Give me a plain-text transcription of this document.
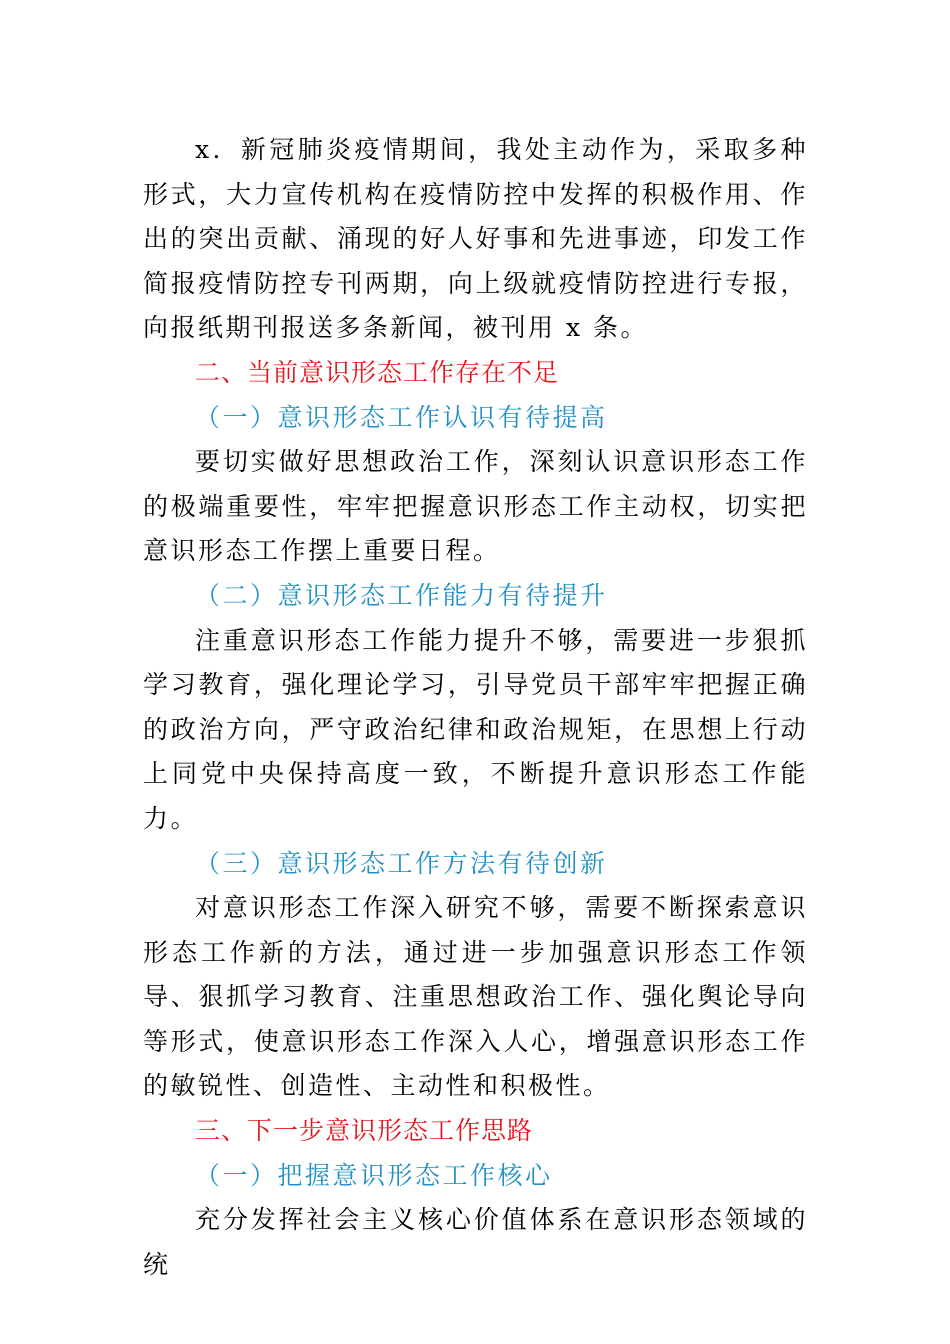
x．新冠肺炎疫情期间，我处主动作为，采取多种形式，大力宣传机构在疫情防控中发挥的积极作用、作出的突出贡献、涌现的好人好事和先进事迹，印发工作简报疫情防控专刊两期，向上级就疫情防控进行专报，向报纸期刊报送多条新闻，被刊用 x 条。

二、当前意识形态工作存在不足

（一）意识形态工作认识有待提高

要切实做好思想政治工作，深刻认识意识形态工作的极端重要性，牢牢把握意识形态工作主动权，切实把意识形态工作摆上重要日程。

（二）意识形态工作能力有待提升

注重意识形态工作能力提升不够，需要进一步狠抓学习教育，强化理论学习，引导党员干部牢牢把握正确的政治方向，严守政治纪律和政治规矩，在思想上行动上同党中央保持高度一致，不断提升意识形态工作能力。

（三）意识形态工作方法有待创新

对意识形态工作深入研究不够，需要不断探索意识形态工作新的方法，通过进一步加强意识形态工作领导、狠抓学习教育、注重思想政治工作、强化舆论导向等形式，使意识形态工作深入人心，增强意识形态工作的敏锐性、创造性、主动性和积极性。

三、下一步意识形态工作思路

（一）把握意识形态工作核心

充分发挥社会主义核心价值体系在意识形态领域的统
